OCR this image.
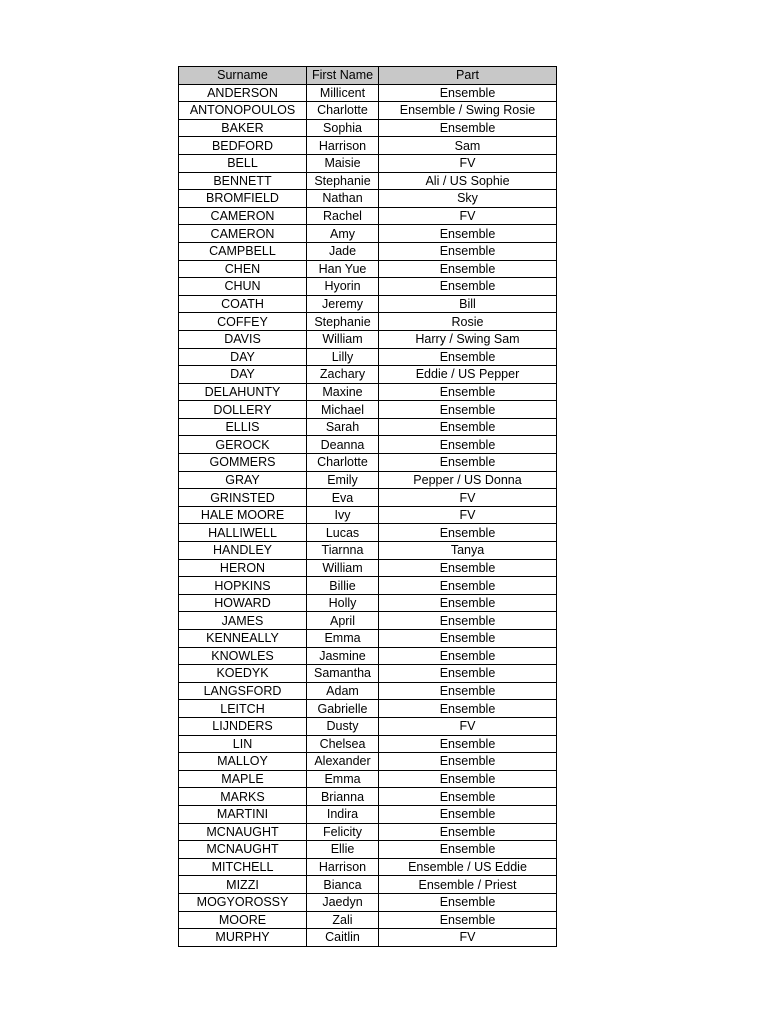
Surname	First Name	Part
ANDERSON	Millicent	Ensemble
ANTONOPOULOS	Charlotte	Ensemble / Swing Rosie
BAKER	Sophia	Ensemble
BEDFORD	Harrison	Sam
BELL	Maisie	FV
BENNETT	Stephanie	Ali / US Sophie
BROMFIELD	Nathan	Sky
CAMERON	Rachel	FV
CAMERON	Amy	Ensemble
CAMPBELL	Jade	Ensemble
CHEN	Han Yue	Ensemble
CHUN	Hyorin	Ensemble
COATH	Jeremy	Bill
COFFEY	Stephanie	Rosie
DAVIS	William	Harry / Swing Sam
DAY	Lilly	Ensemble
DAY	Zachary	Eddie / US Pepper
DELAHUNTY	Maxine	Ensemble
DOLLERY	Michael	Ensemble
ELLIS	Sarah	Ensemble
GEROCK	Deanna	Ensemble
GOMMERS	Charlotte	Ensemble
GRAY	Emily	Pepper / US Donna
GRINSTED	Eva	FV
HALE MOORE	Ivy	FV
HALLIWELL	Lucas	Ensemble
HANDLEY	Tiarnna	Tanya
HERON	William	Ensemble
HOPKINS	Billie	Ensemble
HOWARD	Holly	Ensemble
JAMES	April	Ensemble
KENNEALLY	Emma	Ensemble
KNOWLES	Jasmine	Ensemble
KOEDYK	Samantha	Ensemble
LANGSFORD	Adam	Ensemble
LEITCH	Gabrielle	Ensemble
LIJNDERS	Dusty	FV
LIN	Chelsea	Ensemble
MALLOY	Alexander	Ensemble
MAPLE	Emma	Ensemble
MARKS	Brianna	Ensemble
MARTINI	Indira	Ensemble
MCNAUGHT	Felicity	Ensemble
MCNAUGHT	Ellie	Ensemble
MITCHELL	Harrison	Ensemble / US Eddie
MIZZI	Bianca	Ensemble / Priest
MOGYOROSSY	Jaedyn	Ensemble
MOORE	Zali	Ensemble
MURPHY	Caitlin	FV
